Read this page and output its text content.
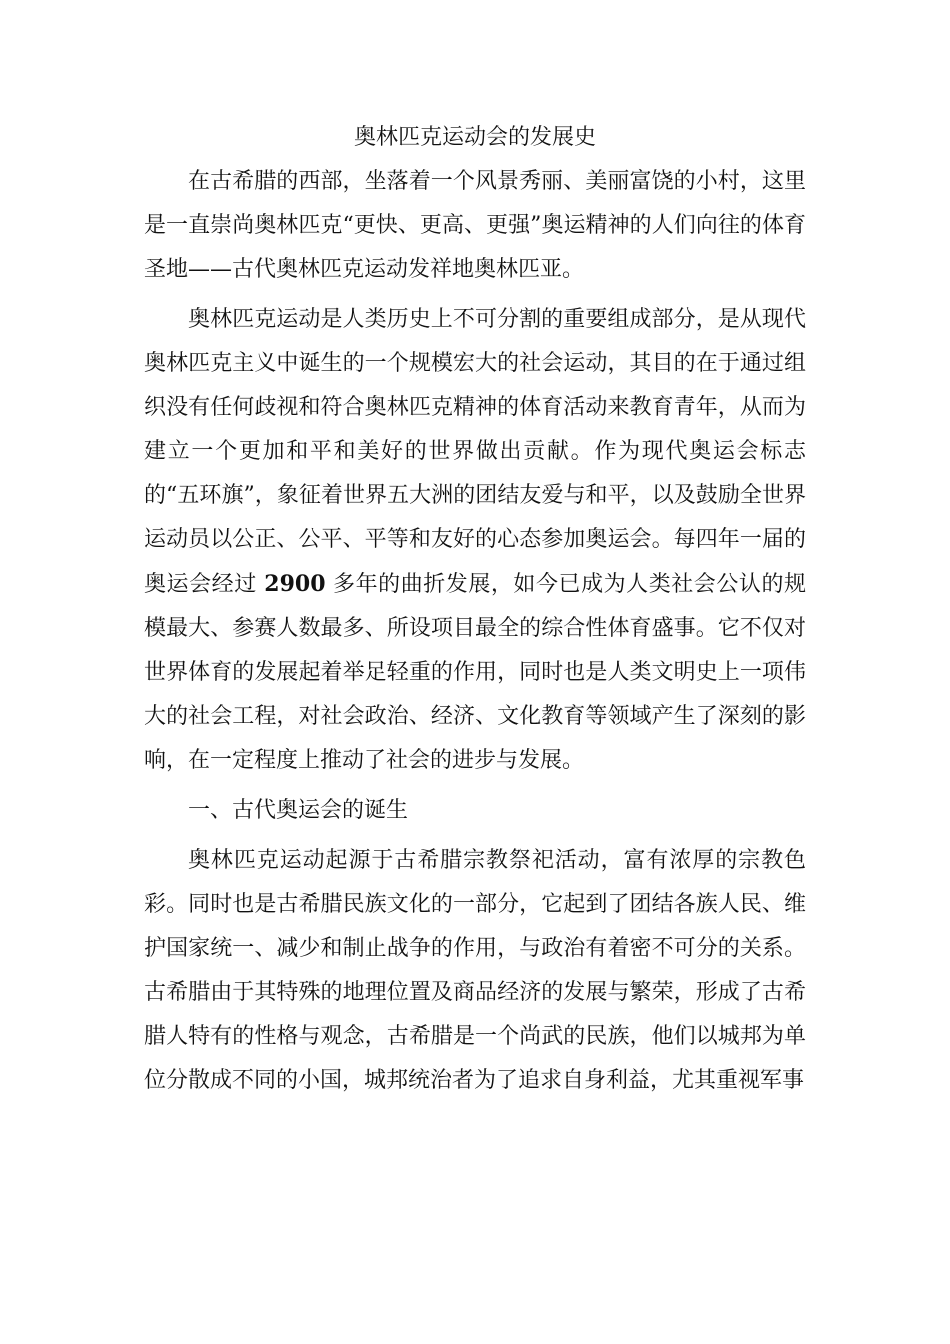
奥林匹克运动会的发展史

在古希腊的西部，坐落着一个风景秀丽、美丽富饶的小村，这里是一直崇尚奥林匹克“更快、更高、更强”奥运精神的人们向往的体育圣地——古代奥林匹克运动发祥地奥林匹亚。

奥林匹克运动是人类历史上不可分割的重要组成部分，是从现代奥林匹克主义中诞生的一个规模宏大的社会运动，其目的在于通过组织没有任何歧视和符合奥林匹克精神的体育活动来教育青年，从而为建立一个更加和平和美好的世界做出贡献。作为现代奥运会标志的“五环旗”，象征着世界五大洲的团结友爱与和平，以及鼓励全世界运动员以公正、公平、平等和友好的心态参加奥运会。每四年一届的奥运会经过 2900 多年的曲折发展，如今已成为人类社会公认的规模最大、参赛人数最多、所设项目最全的综合性体育盛事。它不仅对世界体育的发展起着举足轻重的作用，同时也是人类文明史上一项伟大的社会工程，对社会政治、经济、文化教育等领域产生了深刻的影响，在一定程度上推动了社会的进步与发展。

一、古代奥运会的诞生

奥林匹克运动起源于古希腊宗教祭祀活动，富有浓厚的宗教色彩。同时也是古希腊民族文化的一部分，它起到了团结各族人民、维护国家统一、减少和制止战争的作用，与政治有着密不可分的关系。古希腊由于其特殊的地理位置及商品经济的发展与繁荣，形成了古希腊人特有的性格与观念，古希腊是一个尚武的民族，他们以城邦为单位分散成不同的小国，城邦统治者为了追求自身利益，尤其重视军事
